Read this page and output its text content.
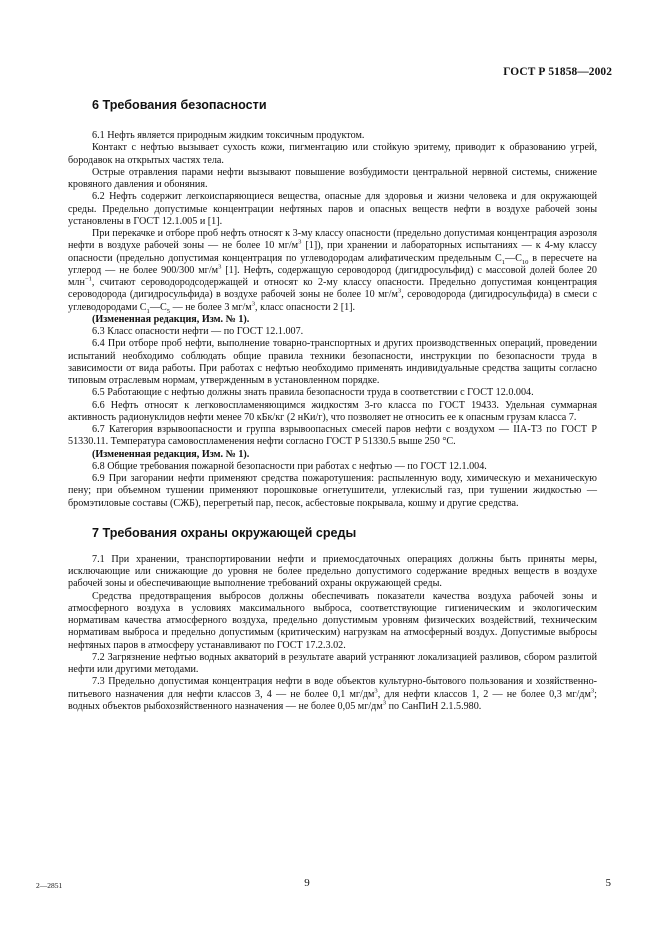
ГОСТ Р 51858—2002
6 Требования безопасности

6.1 Нефть является природным жидким токсичным продуктом.

Контакт с нефтью вызывает сухость кожи, пигментацию или стойкую эритему, приводит к образованию угрей, бородавок на открытых частях тела.

Острые отравления парами нефти вызывают повышение возбудимости центральной нервной системы, снижение кровяного давления и обоняния.

6.2 Нефть содержит легкоиспаряющиеся вещества, опасные для здоровья и жизни человека и для окружающей среды. Предельно допустимые концентрации нефтяных паров и опасных веществ нефти в воздухе рабочей зоны установлены в ГОСТ 12.1.005 и [1].

При перекачке и отборе проб нефть относят к 3-му классу опасности (предельно допустимая концентрация аэрозоля нефти в воздухе рабочей зоны — не более 10 $мг/м^3$ [1]), при хранении и лабораторных испытаниях — к 4-му классу опасности (предельно допустимая концентрация по углеводородам алифатическим предельным $С_1—С_{10}$ в пересчете на углерод — не более 900/300 $мг/м^3$ [1]. Нефть, содержащую сероводород (дигидросульфид) с массовой долей более 20 млн$^{-1}$, считают сероводородсодержащей и относят ко 2-му классу опасности. Предельно допустимая концентрация сероводорода (дигидросульфида) в воздухе рабочей зоны не более 10 $мг/м^3$, сероводорода (дигидросульфида) в смеси с углеводородами $С_1—С_5$ — не более 3 $мг/м^3$, класс опасности 2 [1].

(Измененная редакция, Изм. № 1).

6.3 Класс опасности нефти — по ГОСТ 12.1.007.

6.4 При отборе проб нефти, выполнение товарно-транспортных и других производственных операций, проведении испытаний необходимо соблюдать общие правила техники безопасности, инструкции по безопасности труда в зависимости от вида работы. При работах с нефтью необходимо применять индивидуальные средства защиты согласно типовым отраслевым нормам, утвержденным в установленном порядке.

6.5 Работающие с нефтью должны знать правила безопасности труда в соответствии с ГОСТ 12.0.004.

6.6 Нефть относят к легковоспламеняющимся жидкостям 3-го класса по ГОСТ 19433. Удельная суммарная активность радионуклидов нефти менее 70 кБк/кг (2 нКи/г), что позволяет не относить ее к опасным грузам класса 7.

6.7 Категория взрывоопасности и группа взрывоопасных смесей паров нефти с воздухом — IIA-T3 по ГОСТ Р 51330.11. Температура самовоспламенения нефти согласно ГОСТ Р 51330.5 выше 250 °С.

(Измененная редакция, Изм. № 1).

6.8 Общие требования пожарной безопасности при работах с нефтью — по ГОСТ 12.1.004.

6.9 При загорании нефти применяют средства пожаротушения: распыленную воду, химическую и механическую пену; при объемном тушении применяют порошковые огнетушители, углекислый газ, при тушении жидкостью — бромэтиловые составы (СЖБ), перегретый пар, песок, асбестовые покрывала, кошму и другие средства.

7 Требования охраны окружающей среды

7.1 При хранении, транспортировании нефти и приемосдаточных операциях должны быть приняты меры, исключающие или снижающие до уровня не более предельно допустимого содержание вредных веществ в воздухе рабочей зоны и обеспечивающие выполнение требований охраны окружающей среды.

Средства предотвращения выбросов должны обеспечивать показатели качества воздуха рабочей зоны и атмосферного воздуха в условиях максимального выброса, соответствующие гигиеническим и экологическим нормативам качества атмосферного воздуха, предельно допустимым уровням физических воздействий, техническим нормативам выброса и предельно допустимым (критическим) нагрузкам на атмосферный воздух. Допустимые выбросы нефтяных паров в атмосферу устанавливают по ГОСТ 17.2.3.02.

7.2 Загрязнение нефтью водных акваторий в результате аварий устраняют локализацией разливов, сбором разлитой нефти или другими методами.

7.3 Предельно допустимая концентрация нефти в воде объектов культурно-бытового пользования и хозяйственно-питьевого назначения для нефти классов 3, 4 — не более 0,1 $мг/дм^3$, для нефти классов 1, 2 — не более 0,3 $мг/дм^3$; водных объектов рыбохозяйственного назначения — не более 0,05 $мг/дм^3$ по СанПиН 2.1.5.980.

2—2851	9	5
